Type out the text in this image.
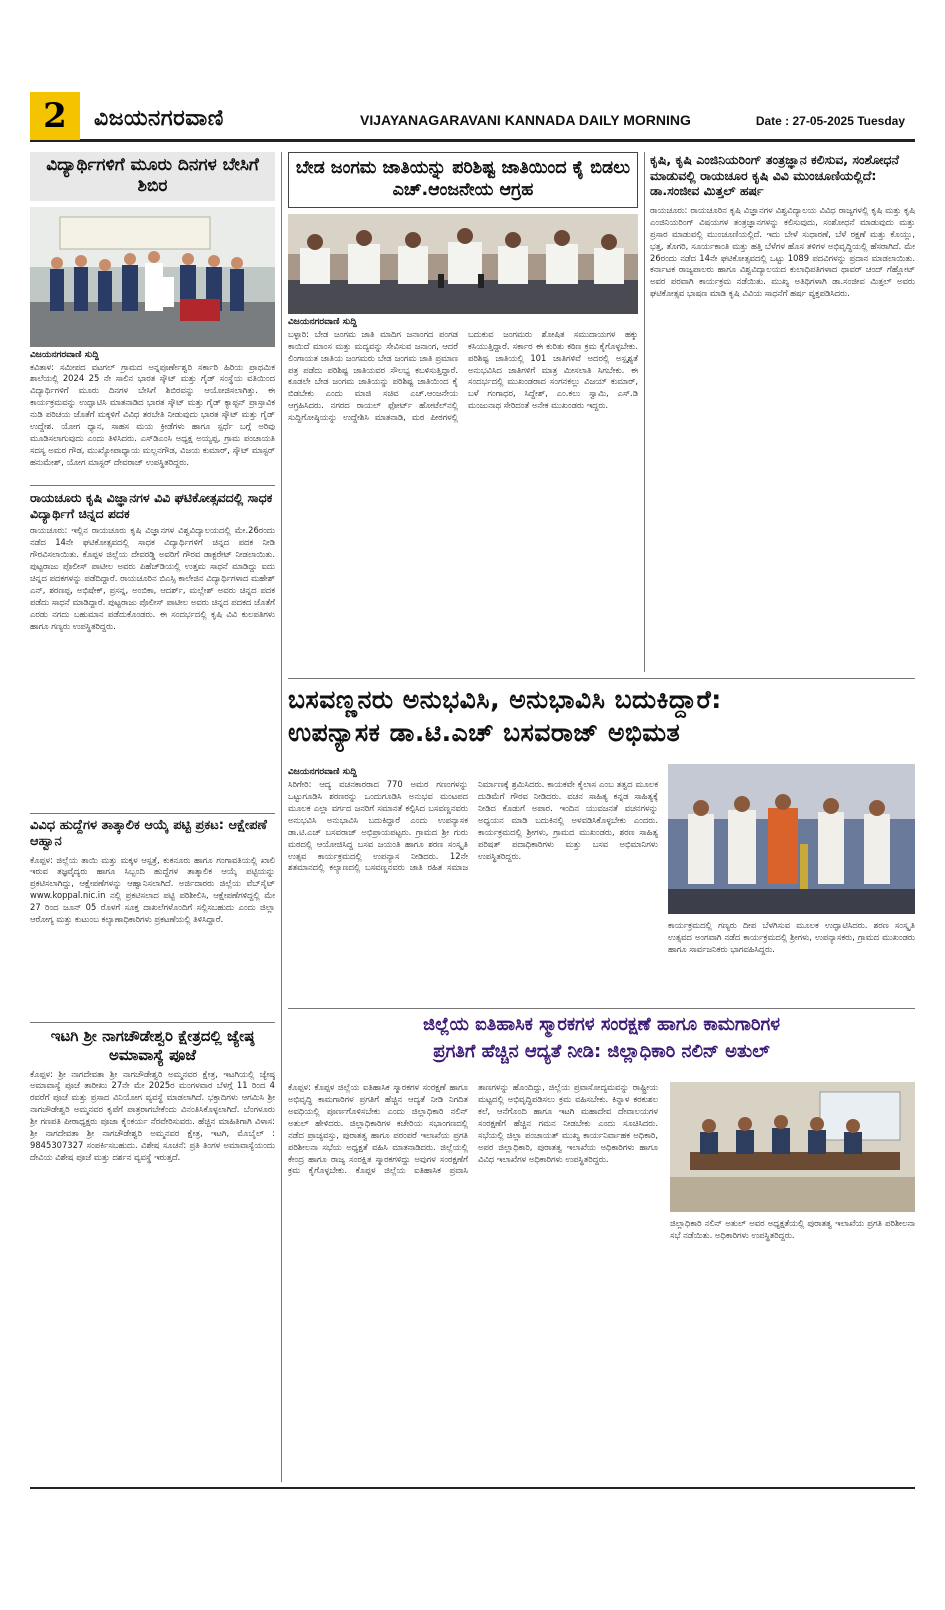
2	ವಿಜಯನಗರವಾಣಿ	VIJAYANAGARAVANI KANNADA DAILY MORNING	Date : 27-05-2025 Tuesday
ವಿದ್ಯಾರ್ಥಿಗಳಿಗೆ ಮೂರು ದಿನಗಳ ಬೇಸಿಗೆ ಶಿಬಿರ
ವಿಜಯನಗರವಾಣಿ ಸುದ್ದಿ
ಕವಿತಾಳ: ಸಮೀಪದ ವಟಗಲ್ ಗ್ರಾಮದ ಅನ್ನಪೂರ್ಣೇಶ್ವರಿ ಸರ್ಕಾರಿ ಹಿರಿಯ ಪ್ರಾಥಮಿಕ ಶಾಲೆಯಲ್ಲಿ 2024 25 ನೇ ಸಾಲಿನ ಭಾರತ ಸ್ಕೌಟ್ ಮತ್ತು ಗೈಡ್ ಸಂಸ್ಥೆಯ ವತಿಯಿಂದ ವಿದ್ಯಾರ್ಥಿಗಳಿಗೆ ಮೂರು ದಿನಗಳ ಬೇಸಿಗೆ ಶಿಬಿರವನ್ನು ಆಯೋಜಿಸಲಾಗಿತ್ತು. ಈ ಕಾರ್ಯಕ್ರಮವನ್ನು ಉದ್ಘಾಟಿಸಿ ಮಾತನಾಡಿದ ಭಾರತ ಸ್ಕೌಟ್ ಮತ್ತು ಗೈಡ್ ಕ್ಯಾಪ್ಟನ್ ಪ್ರಾಸ್ತಾವಿಕ ನುಡಿ ಪರಿಚಯ ಜೊತೆಗೆ ಮಕ್ಕಳಿಗೆ ವಿವಿಧ ತರಬೇತಿ ನೀಡುವುದು ಭಾರತ ಸ್ಕೌಟ್ ಮತ್ತು ಗೈಡ್ ಉದ್ದೇಶ. ಯೋಗ ಧ್ಯಾನ, ಸಾಹಸ ಮಯ ಕ್ರೀಡೆಗಳು ಹಾಗೂ ಸ್ಪರ್ಧೆ ಬಗ್ಗೆ ಅರಿವು ಮೂಡಿಸಲಾಗುವುದು ಎಂದು ತಿಳಿಸಿದರು. ಎಸ್‌ಡಿಎಂಸಿ ಅಧ್ಯಕ್ಷ ಅಯ್ಯಪ್ಪ, ಗ್ರಾಮ ಪಂಚಾಯತಿ ಸದಸ್ಯ ಅಮರ ಗೌಡ, ಮುಖ್ಯೋಪಾಧ್ಯಾಯ ಮಲ್ಲನಗೌಡ, ವಿಜಯ ಕುಮಾರ್, ಸ್ಕೌಟ್ ಮಾಸ್ಟರ್ ಹನುಮೇಶ್, ಯೋಗ ಮಾಸ್ಟರ್ ದೇವರಾಜ್ ಉಪಸ್ಥಿತರಿದ್ದರು.
ರಾಯಚೂರು ಕೃಷಿ ವಿಜ್ಞಾನಗಳ ವಿವಿ ಘಟಿಕೋತ್ಸವದಲ್ಲಿ ಸಾಧಕ ವಿದ್ಯಾರ್ಥಿಗೆ ಚಿನ್ನದ ಪದಕ
ರಾಯಚೂರು: ಇಲ್ಲಿನ ರಾಯಚೂರು ಕೃಷಿ ವಿಜ್ಞಾನಗಳ ವಿಶ್ವವಿದ್ಯಾಲಯದಲ್ಲಿ ಮೇ.26ರಂದು ನಡೆದ 14ನೇ ಘಟಿಕೋತ್ಸವದಲ್ಲಿ ಸಾಧಕ ವಿದ್ಯಾರ್ಥಿಗಳಿಗೆ ಚಿನ್ನದ ಪದಕ ನೀಡಿ ಗೌರವಿಸಲಾಯಿತು. ಕೊಪ್ಪಳ ಜಿಲ್ಲೆಯ ದೇವರಡ್ಡಿ ಅವರಿಗೆ ಗೌರವ ಡಾಕ್ಟರೇಟ್ ನೀಡಲಾಯಿತು. ಪುಟ್ಟರಾಜು ಪೊಲೀಸ್ ಪಾಟೀಲ ಅವರು ಪಿಹೆಚ್‌ಡಿಯಲ್ಲಿ ಉತ್ತಮ ಸಾಧನೆ ಮಾಡಿದ್ದು ಐದು ಚಿನ್ನದ ಪದಕಗಳನ್ನು ಪಡೆದಿದ್ದಾರೆ. ರಾಯಚೂರಿನ ಬಿಎಸ್ಸಿ ಕಾಲೇಜಿನ ವಿದ್ಯಾರ್ಥಿಗಳಾದ ಮಹೇಶ್ ಎನ್, ಶರಣಪ್ಪ, ಅಭಿಷೇಕ್, ಪ್ರಸನ್ನ, ಅಂಬಿಕಾ, ಆದರ್ಶ್, ಮಲ್ಲೇಶ್ ಅವರು ಚಿನ್ನದ ಪದಕ ಪಡೆದು ಸಾಧನೆ ಮಾಡಿದ್ದಾರೆ. ಪುಟ್ಟರಾಜು ಪೊಲೀಸ್ ಪಾಟೀಲ ಅವರು ಚಿನ್ನದ ಪದಕದ ಜೊತೆಗೆ ಎರಡು ನಗದು ಬಹುಮಾನ ಪಡೆದುಕೊಂಡರು. ಈ ಸಂದರ್ಭದಲ್ಲಿ ಕೃಷಿ ವಿವಿ ಕುಲಪತಿಗಳು ಹಾಗೂ ಗಣ್ಯರು ಉಪಸ್ಥಿತರಿದ್ದರು.
ವಿವಿಧ ಹುದ್ದೆಗಳ ತಾತ್ಕಾಲಿಕ ಆಯ್ಕೆ ಪಟ್ಟಿ ಪ್ರಕಟ: ಆಕ್ಷೇಪಣೆ ಆಹ್ವಾನ
ಕೊಪ್ಪಳ: ಜಿಲ್ಲೆಯ ತಾಯಿ ಮತ್ತು ಮಕ್ಕಳ ಆಸ್ಪತ್ರೆ, ಕುಕನೂರು ಹಾಗೂ ಗಂಗಾವತಿಯಲ್ಲಿ ಖಾಲಿ ಇರುವ ತಜ್ಞವೈದ್ಯರು ಹಾಗೂ ಸಿಬ್ಬಂದಿ ಹುದ್ದೆಗಳ ತಾತ್ಕಾಲಿಕ ಆಯ್ಕೆ ಪಟ್ಟಿಯನ್ನು ಪ್ರಕಟಿಸಲಾಗಿದ್ದು, ಆಕ್ಷೇಪಣೆಗಳನ್ನು ಆಹ್ವಾನಿಸಲಾಗಿದೆ. ಅರ್ಜಿದಾರರು ಜಿಲ್ಲೆಯ ವೆಬ್‌ಸೈಟ್ www.koppal.nic.in ನಲ್ಲಿ ಪ್ರಕಟಿಸಲಾದ ಪಟ್ಟಿ ಪರಿಶೀಲಿಸಿ, ಆಕ್ಷೇಪಣೆಗಳಿದ್ದಲ್ಲಿ ಮೇ 27 ರಿಂದ ಜೂನ್ 05 ರೊಳಗೆ ಸೂಕ್ತ ದಾಖಲೆಗಳೊಂದಿಗೆ ಸಲ್ಲಿಸಬಹುದು ಎಂದು ಜಿಲ್ಲಾ ಆರೋಗ್ಯ ಮತ್ತು ಕುಟುಂಬ ಕಲ್ಯಾಣಾಧಿಕಾರಿಗಳು ಪ್ರಕಟಣೆಯಲ್ಲಿ ತಿಳಿಸಿದ್ದಾರೆ.
ಇಟಗಿ ಶ್ರೀ ನಾಗಚೌಡೇಶ್ವರಿ ಕ್ಷೇತ್ರದಲ್ಲಿ ಜ್ಯೇಷ್ಠ ಅಮಾವಾಸ್ಯೆ ಪೂಜೆ
ಕೊಪ್ಪಳ: ಶ್ರೀ ನಾಗದೇವತಾ ಶ್ರೀ ನಾಗಚೌಡೇಶ್ವರಿ ಅಮ್ಮನವರ ಕ್ಷೇತ್ರ, ಇಟಗಿಯಲ್ಲಿ ಜ್ಯೇಷ್ಠ ಅಮಾವಾಸ್ಯೆ ಪೂಜೆ ತಾರೀಖು 27ನೇ ಮೇ 2025ರ ಮಂಗಳವಾರ ಬೆಳಗ್ಗೆ 11 ರಿಂದ 4 ರವರೆಗೆ ಪೂಜೆ ಮತ್ತು ಪ್ರಸಾದ ವಿನಿಯೋಗ ವ್ಯವಸ್ಥೆ ಮಾಡಲಾಗಿದೆ. ಭಕ್ತಾದಿಗಳು ಆಗಮಿಸಿ ಶ್ರೀ ನಾಗಚೌಡೇಶ್ವರಿ ಅಮ್ಮನವರ ಕೃಪೆಗೆ ಪಾತ್ರರಾಗಬೇಕೆಂದು ವಿನಂತಿಸಿಕೊಳ್ಳಲಾಗಿದೆ. ಬೆಂಗಳೂರು ಶ್ರೀ ಗಣಪತಿ ಪೀಠಾಧ್ಯಕ್ಷರು ಪೂಜಾ ಕೈಂಕರ್ಯ ನೆರವೇರಿಸುವರು. ಹೆಚ್ಚಿನ ಮಾಹಿತಿಗಾಗಿ ವಿಳಾಸ: ಶ್ರೀ ನಾಗದೇವತಾ ಶ್ರೀ ನಾಗಚೌಡೇಶ್ವರಿ ಅಮ್ಮನವರ ಕ್ಷೇತ್ರ, ಇಟಗಿ, ಮೊಬೈಲ್ : 9845307327 ಸಂಪರ್ಕಿಸಬಹುದು. ವಿಶೇಷ ಸೂಚನೆ: ಪ್ರತಿ ತಿಂಗಳ ಅಮಾವಾಸ್ಯೆಯಂದು ದೇವಿಯ ವಿಶೇಷ ಪೂಜೆ ಮತ್ತು ದರ್ಶನ ವ್ಯವಸ್ಥೆ ಇರುತ್ತದೆ.
ಬೇಡ ಜಂಗಮ ಜಾತಿಯನ್ನು ಪರಿಶಿಷ್ಟ ಜಾತಿಯಿಂದ ಕೈ ಬಿಡಲು ಎಚ್.ಆಂಜನೇಯ ಆಗ್ರಹ
ವಿಜಯನಗರವಾಣಿ ಸುದ್ದಿ
ಬಳ್ಳಾರಿ: ಬೇಡ ಜಂಗಮ ಜಾತಿ ಮಾದಿಗ ಜನಾಂಗದ ಪಂಗಡ ಕಾಯಿದೆ ಮಾಂಸ ಮತ್ತು ಮದ್ಯವನ್ನು ಸೇವಿಸುವ ಜನಾಂಗ, ಆದರೆ ಲಿಂಗಾಯತ ಜಾತಿಯ ಜಂಗಮರು ಬೇಡ ಜಂಗಮ ಜಾತಿ ಪ್ರಮಾಣ ಪತ್ರ ಪಡೆದು ಪರಿಶಿಷ್ಟ ಜಾತಿಯವರ ಸೌಲಭ್ಯ ಕಬಳಿಸುತ್ತಿದ್ದಾರೆ. ಕೂಡಲೇ ಬೇಡ ಜಂಗಮ ಜಾತಿಯನ್ನು ಪರಿಶಿಷ್ಟ ಜಾತಿಯಿಂದ ಕೈ ಬಿಡಬೇಕು ಎಂದು ಮಾಜಿ ಸಚಿವ ಎಚ್.ಆಂಜನೇಯ ಆಗ್ರಹಿಸಿದರು. ನಗರದ ರಾಯಲ್ ಫೋರ್ಟ್ ಹೋಟೆಲ್‌ನಲ್ಲಿ ಸುದ್ದಿಗೋಷ್ಠಿಯನ್ನು ಉದ್ದೇಶಿಸಿ ಮಾತನಾಡಿ, ಮಠ ಪೀಠಗಳಲ್ಲಿ ಬದುಕುವ ಜಂಗಮರು ಶೋಷಿತ ಸಮುದಾಯಗಳ ಹಕ್ಕು ಕಸಿಯುತ್ತಿದ್ದಾರೆ. ಸರ್ಕಾರ ಈ ಕುರಿತು ಕಠಿಣ ಕ್ರಮ ಕೈಗೊಳ್ಳಬೇಕು. ಪರಿಶಿಷ್ಟ ಜಾತಿಯಲ್ಲಿ 101 ಜಾತಿಗಳಿವೆ ಅದರಲ್ಲಿ ಅಸ್ಪೃಶ್ಯತೆ ಅನುಭವಿಸಿದ ಜಾತಿಗಳಿಗೆ ಮಾತ್ರ ಮೀಸಲಾತಿ ಸಿಗಬೇಕು. ಈ ಸಂದರ್ಭದಲ್ಲಿ ಮುಖಂಡರಾದ ಸಂಗನಕಲ್ಲು ವಿಜಯ್ ಕುಮಾರ್, ಬಳೆ ಗಂಗಾಧರ, ಸಿದ್ದೇಶ್, ಎಂ.ಕಲು ಸ್ವಾಮಿ, ಎಸ್.ಡಿ ಮಂಜುನಾಥ ಸೇರಿದಂತೆ ಅನೇಕ ಮುಖಂಡರು ಇದ್ದರು.
ಕೃಷಿ, ಕೃಷಿ ಎಂಜಿನಿಯರಿಂಗ್ ತಂತ್ರಜ್ಞಾನ ಕಲಿಸುವ, ಸಂಶೋಧನೆ ಮಾಡುವಲ್ಲಿ ರಾಯಚೂರ ಕೃಷಿ ವಿವಿ ಮುಂಚೂಣಿಯಲ್ಲಿದೆ: ಡಾ.ಸಂಜೀವ ಮಿತ್ತಲ್ ಹರ್ಷ
ರಾಯಚೂರು: ರಾಯಚೂರಿನ ಕೃಷಿ ವಿಜ್ಞಾನಗಳ ವಿಶ್ವವಿದ್ಯಾಲಯ ವಿವಿಧ ರಾಜ್ಯಗಳಲ್ಲಿ ಕೃಷಿ ಮತ್ತು ಕೃಷಿ ಎಂಜಿನಿಯರಿಂಗ್ ವಿಷಯಗಳ ತಂತ್ರಜ್ಞಾನಗಳನ್ನು ಕಲಿಸುವುದು, ಸಂಶೋಧನೆ ಮಾಡುವುದು ಮತ್ತು ಪ್ರಸಾರ ಮಾಡುವಲ್ಲಿ ಮುಂಚೂಣಿಯಲ್ಲಿದೆ. ಇದು ಬೇಳೆ ಸುಧಾರಣೆ, ಬೆಳೆ ರಕ್ಷಣೆ ಮತ್ತು ಕೊಯ್ಲು, ಭತ್ತ, ತೊಗರಿ, ಸೂರ್ಯಕಾಂತಿ ಮತ್ತು ಹತ್ತಿ ಬೆಳೆಗಳ ಹೊಸ ತಳಿಗಳ ಅಭಿವೃದ್ಧಿಯಲ್ಲಿ ಹೆಸರಾಗಿದೆ. ಮೇ 26ರಂದು ನಡೆದ 14ನೇ ಘಟಿಕೋತ್ಸವದಲ್ಲಿ ಒಟ್ಟು 1089 ಪದವಿಗಳನ್ನು ಪ್ರದಾನ ಮಾಡಲಾಯಿತು. ಕರ್ನಾಟಕ ರಾಜ್ಯಪಾಲರು ಹಾಗೂ ವಿಶ್ವವಿದ್ಯಾಲಯದ ಕುಲಾಧಿಪತಿಗಳಾದ ಥಾವರ್ ಚಂದ್ ಗೆಹ್ಲೋಟ್ ಅವರ ಪರವಾಗಿ ಕಾರ್ಯಕ್ರಮ ನಡೆಯಿತು. ಮುಖ್ಯ ಅತಿಥಿಗಳಾಗಿ ಡಾ.ಸಂಜೀವ ಮಿತ್ತಲ್ ಅವರು ಘಟಿಕೋತ್ಸವ ಭಾಷಣ ಮಾಡಿ ಕೃಷಿ ವಿವಿಯ ಸಾಧನೆಗೆ ಹರ್ಷ ವ್ಯಕ್ತಪಡಿಸಿದರು.
ಬಸವಣ್ಣನರು ಅನುಭವಿಸಿ, ಅನುಭಾವಿಸಿ ಬದುಕಿದ್ದಾರೆ:
ಉಪನ್ಯಾಸಕ ಡಾ.ಟಿ.ಎಚ್ ಬಸವರಾಜ್ ಅಭಿಮತ
ವಿಜಯನಗರವಾಣಿ ಸುದ್ದಿ
ಸಿರಿಗೇರಿ: ಆದ್ಯ ವಚನಕಾರರಾದ 770 ಅಮರ ಗಣಂಗಳನ್ನು ಒಟ್ಟುಗೂಡಿಸಿ ಶರಣರನ್ನು ಒಂದುಗೂಡಿಸಿ ಅನುಭವ ಮಂಟಪದ ಮೂಲಕ ಎಲ್ಲಾ ವರ್ಗದ ಜನರಿಗೆ ಸಮಾನತೆ ಕಲ್ಪಿಸಿದ ಬಸವಣ್ಣನವರು ಅನುಭವಿಸಿ ಅನುಭಾವಿಸಿ ಬದುಕಿದ್ದಾರೆ ಎಂದು ಉಪನ್ಯಾಸಕ ಡಾ.ಟಿ.ಎಚ್ ಬಸವರಾಜ್ ಅಭಿಪ್ರಾಯಪಟ್ಟರು. ಗ್ರಾಮದ ಶ್ರೀ ಗುರು ಮಠದಲ್ಲಿ ಆಯೋಜಿಸಿದ್ದ ಬಸವ ಜಯಂತಿ ಹಾಗೂ ಶರಣ ಸಂಸ್ಕೃತಿ ಉತ್ಸವ ಕಾರ್ಯಕ್ರಮದಲ್ಲಿ ಉಪನ್ಯಾಸ ನೀಡಿದರು. 12ನೇ ಶತಮಾನದಲ್ಲಿ ಕಲ್ಯಾಣದಲ್ಲಿ ಬಸವಣ್ಣನವರು ಜಾತಿ ರಹಿತ ಸಮಾಜ ನಿರ್ಮಾಣಕ್ಕೆ ಶ್ರಮಿಸಿದರು. ಕಾಯಕವೇ ಕೈಲಾಸ ಎಂಬ ತತ್ವದ ಮೂಲಕ ದುಡಿಮೆಗೆ ಗೌರವ ನೀಡಿದರು. ವಚನ ಸಾಹಿತ್ಯ ಕನ್ನಡ ಸಾಹಿತ್ಯಕ್ಕೆ ನೀಡಿದ ಕೊಡುಗೆ ಅಪಾರ. ಇಂದಿನ ಯುವಜನತೆ ವಚನಗಳನ್ನು ಅಧ್ಯಯನ ಮಾಡಿ ಬದುಕಿನಲ್ಲಿ ಅಳವಡಿಸಿಕೊಳ್ಳಬೇಕು ಎಂದರು. ಕಾರ್ಯಕ್ರಮದಲ್ಲಿ ಶ್ರೀಗಳು, ಗ್ರಾಮದ ಮುಖಂಡರು, ಶರಣ ಸಾಹಿತ್ಯ ಪರಿಷತ್ ಪದಾಧಿಕಾರಿಗಳು ಮತ್ತು ಬಸವ ಅಭಿಮಾನಿಗಳು ಉಪಸ್ಥಿತರಿದ್ದರು.
ಕಾರ್ಯಕ್ರಮದಲ್ಲಿ ಗಣ್ಯರು ದೀಪ ಬೆಳಗಿಸುವ ಮೂಲಕ ಉದ್ಘಾಟಿಸಿದರು. ಶರಣ ಸಂಸ್ಕೃತಿ ಉತ್ಸವದ ಅಂಗವಾಗಿ ನಡೆದ ಕಾರ್ಯಕ್ರಮದಲ್ಲಿ ಶ್ರೀಗಳು, ಉಪನ್ಯಾಸಕರು, ಗ್ರಾಮದ ಮುಖಂಡರು ಹಾಗೂ ಸಾರ್ವಜನಿಕರು ಭಾಗವಹಿಸಿದ್ದರು.
ಜಿಲ್ಲೆಯ ಐತಿಹಾಸಿಕ ಸ್ಮಾರಕಗಳ ಸಂರಕ್ಷಣೆ ಹಾಗೂ ಕಾಮಗಾರಿಗಳ
ಪ್ರಗತಿಗೆ ಹೆಚ್ಚಿನ ಆದ್ಯತೆ ನೀಡಿ: ಜಿಲ್ಲಾಧಿಕಾರಿ ನಲಿನ್ ಅತುಲ್
ಕೊಪ್ಪಳ: ಕೊಪ್ಪಳ ಜಿಲ್ಲೆಯ ಐತಿಹಾಸಿಕ ಸ್ಮಾರಕಗಳ ಸಂರಕ್ಷಣೆ ಹಾಗೂ ಅಭಿವೃದ್ಧಿ ಕಾಮಗಾರಿಗಳ ಪ್ರಗತಿಗೆ ಹೆಚ್ಚಿನ ಆದ್ಯತೆ ನೀಡಿ ನಿಗದಿತ ಅವಧಿಯಲ್ಲಿ ಪೂರ್ಣಗೊಳಿಸಬೇಕು ಎಂದು ಜಿಲ್ಲಾಧಿಕಾರಿ ನಲಿನ್ ಅತುಲ್ ಹೇಳಿದರು. ಜಿಲ್ಲಾಧಿಕಾರಿಗಳ ಕಚೇರಿಯ ಸಭಾಂಗಣದಲ್ಲಿ ನಡೆದ ಪ್ರಾಚ್ಯವಸ್ತು, ಪುರಾತತ್ವ ಹಾಗೂ ಪರಂಪರೆ ಇಲಾಖೆಯ ಪ್ರಗತಿ ಪರಿಶೀಲನಾ ಸಭೆಯ ಅಧ್ಯಕ್ಷತೆ ವಹಿಸಿ ಮಾತನಾಡಿದರು. ಜಿಲ್ಲೆಯಲ್ಲಿ ಕೇಂದ್ರ ಹಾಗೂ ರಾಜ್ಯ ಸಂರಕ್ಷಿತ ಸ್ಮಾರಕಗಳಿದ್ದು ಅವುಗಳ ಸಂರಕ್ಷಣೆಗೆ ಕ್ರಮ ಕೈಗೊಳ್ಳಬೇಕು. ಕೊಪ್ಪಳ ಜಿಲ್ಲೆಯ ಐತಿಹಾಸಿಕ ಪ್ರವಾಸಿ ತಾಣಗಳನ್ನು ಹೊಂದಿದ್ದು, ಜಿಲ್ಲೆಯ ಪ್ರವಾಸೋದ್ಯಮವನ್ನು ರಾಷ್ಟ್ರೀಯ ಮಟ್ಟದಲ್ಲಿ ಅಭಿವೃದ್ಧಿಪಡಿಸಲು ಕ್ರಮ ವಹಿಸಬೇಕು. ಕಿನ್ನಾಳ ಕರಕುಶಲ ಕಲೆ, ಆನೆಗೊಂದಿ ಹಾಗೂ ಇಟಗಿ ಮಹಾದೇವ ದೇವಾಲಯಗಳ ಸಂರಕ್ಷಣೆಗೆ ಹೆಚ್ಚಿನ ಗಮನ ನೀಡಬೇಕು ಎಂದು ಸೂಚಿಸಿದರು. ಸಭೆಯಲ್ಲಿ ಜಿಲ್ಲಾ ಪಂಚಾಯತ್ ಮುಖ್ಯ ಕಾರ್ಯನಿರ್ವಾಹಕ ಅಧಿಕಾರಿ, ಅಪರ ಜಿಲ್ಲಾಧಿಕಾರಿ, ಪುರಾತತ್ವ ಇಲಾಖೆಯ ಅಧಿಕಾರಿಗಳು ಹಾಗೂ ವಿವಿಧ ಇಲಾಖೆಗಳ ಅಧಿಕಾರಿಗಳು ಉಪಸ್ಥಿತರಿದ್ದರು.
ಜಿಲ್ಲಾಧಿಕಾರಿ ನಲಿನ್ ಅತುಲ್ ಅವರ ಅಧ್ಯಕ್ಷತೆಯಲ್ಲಿ ಪುರಾತತ್ವ ಇಲಾಖೆಯ ಪ್ರಗತಿ ಪರಿಶೀಲನಾ ಸಭೆ ನಡೆಯಿತು. ಅಧಿಕಾರಿಗಳು ಉಪಸ್ಥಿತರಿದ್ದರು.
